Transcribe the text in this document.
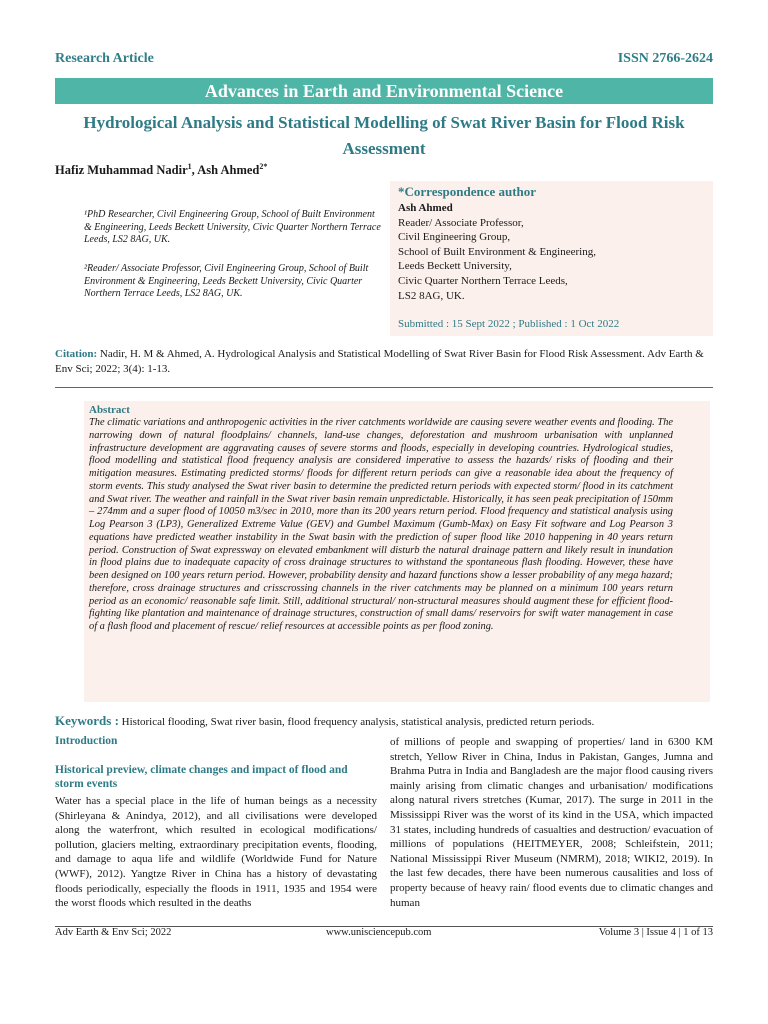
Research Article	ISSN 2766-2624
Advances in Earth and Environmental Science
Hydrological Analysis and Statistical Modelling of Swat River Basin for Flood Risk Assessment
Hafiz Muhammad Nadir$^1$, Ash Ahmed$^{2*}$
¹PhD Researcher, Civil Engineering Group, School of Built Environment & Engineering, Leeds Beckett University, Civic Quarter Northern Terrace Leeds, LS2 8AG, UK.
²Reader/ Associate Professor, Civil Engineering Group, School of Built Environment & Engineering, Leeds Beckett University, Civic Quarter Northern Terrace Leeds, LS2 8AG, UK.
*Correspondence author
Ash Ahmed
Reader/ Associate Professor,
Civil Engineering Group,
School of Built Environment & Engineering,
Leeds Beckett University,
Civic Quarter Northern Terrace Leeds,
LS2 8AG, UK.
Submitted : 15 Sept 2022 ; Published : 1 Oct 2022
Citation: Nadir, H. M & Ahmed, A. Hydrological Analysis and Statistical Modelling of Swat River Basin for Flood Risk Assessment. Adv Earth & Env Sci; 2022; 3(4): 1-13.
Abstract
The climatic variations and anthropogenic activities in the river catchments worldwide are causing severe weather events and flooding. The narrowing down of natural floodplains/ channels, land-use changes, deforestation and mushroom urbanisation with unplanned infrastructure development are aggravating causes of severe storms and floods, especially in developing countries. Hydrological studies, flood modelling and statistical flood frequency analysis are considered imperative to assess the hazards/ risks of flooding and their mitigation measures. Estimating predicted storms/ floods for different return periods can give a reasonable idea about the frequency of storm events. This study analysed the Swat river basin to determine the predicted return periods with expected storm/ flood in its catchment and Swat river. The weather and rainfall in the Swat river basin remain unpredictable. Historically, it has seen peak precipitation of 150mm – 274mm and a super flood of 10050 m3/sec in 2010, more than its 200 years return period. Flood frequency and statistical analysis using Log Pearson 3 (LP3), Generalized Extreme Value (GEV) and Gumbel Maximum (Gumb-Max) on Easy Fit software and Log Pearson 3 equations have predicted weather instability in the Swat basin with the prediction of super flood like 2010 happening in 40 years return period. Construction of Swat expressway on elevated embankment will disturb the natural drainage pattern and likely result in inundation in flood plains due to inadequate capacity of cross drainage structures to withstand the spontaneous flash flooding. However, these have been designed on 100 years return period. However, probability density and hazard functions show a lesser probability of any mega hazard; therefore, cross drainage structures and crisscrossing channels in the river catchments may be planned on a minimum 100 years return period as an economic/ reasonable safe limit. Still, additional structural/ non-structural measures should augment these for efficient flood-fighting like plantation and maintenance of drainage structures, construction of small dams/ reservoirs for swift water management in case of a flash flood and placement of rescue/ relief resources at accessible points as per flood zoning.
Keywords : Historical flooding, Swat river basin, flood frequency analysis, statistical analysis, predicted return periods.
Introduction
Historical preview, climate changes and impact of flood and storm events
Water has a special place in the life of human beings as a necessity (Shirleyana & Anindya, 2012), and all civilisations were developed along the waterfront, which resulted in ecological modifications/ pollution, glaciers melting, extraordinary precipitation events, flooding, and damage to aqua life and wildlife (Worldwide Fund for Nature (WWF), 2012). Yangtze River in China has a history of devastating floods periodically, especially the floods in 1911, 1935 and 1954 were the worst floods which resulted in the deaths
of millions of people and swapping of properties/ land in 6300 KM stretch, Yellow River in China, Indus in Pakistan, Ganges, Jumna and Brahma Putra in India and Bangladesh are the major flood causing rivers mainly arising from climatic changes and urbanisation/ modifications along natural rivers stretches (Kumar, 2017). The surge in 2011 in the Mississippi River was the worst of its kind in the USA, which impacted 31 states, including hundreds of casualties and destruction/ evacuation of millions of populations (HEITMEYER, 2008; Schleifstein, 2011; National Mississippi River Museum (NMRM), 2018; WIKI2, 2019). In the last few decades, there have been numerous causalities and loss of property because of heavy rain/ flood events due to climatic changes and human
Adv Earth & Env Sci; 2022	www.unisciencepub.com	Volume 3 | Issue 4 | 1 of 13
